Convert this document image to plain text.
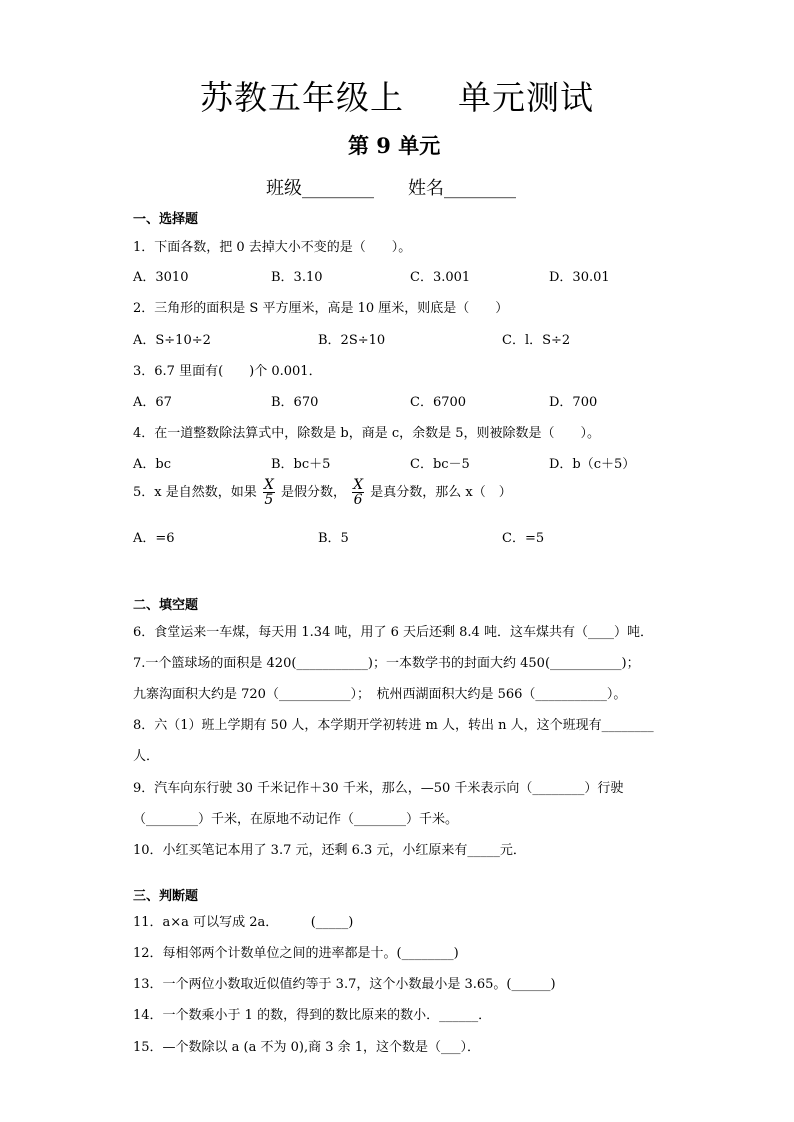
苏教五年级上 单元测试
第 9 单元
班级________ 姓名________
一、选择题
1．下面各数，把 0 去掉大小不变的是（　　）。
A．3010	B．3.10	C．3.001	D．30.01
2．三角形的面积是 S 平方厘米，高是 10 厘米，则底是（　　）
A．S÷10÷2	B．2S÷10	C．l．S÷2
3．6.7 里面有(　　)个 0.001．
A．67	B．670	C．6700	D．700
4．在一道整数除法算式中，除数是 b，商是 c，余数是 5，则被除数是（　　）。
A．bc	B．bc＋5	C．bc－5	D．b（c＋5）
5．x 是自然数，如果 $\frac{X}{5}$ 是假分数， $\frac{X}{6}$ 是真分数，那么 x（　）
A．=6	B．5	C．=5
二、填空题
6．食堂运来一车煤，每天用 1.34 吨，用了 6 天后还剩 8.4 吨．这车煤共有（____）吨．
7.一个篮球场的面积是 420(___________)；一本数学书的封面大约 450(___________)；
九寨沟面积大约是 720（___________）；　杭州西湖面积大约是 566（___________）。
8．六（1）班上学期有 50 人，本学期开学初转进 m 人，转出 n 人，这个班现有________
人．
9．汽车向东行驶 30 千米记作＋30 千米，那么，—50 千米表示向（________）行驶
（________）千米，在原地不动记作（________）千米。
10．小红买笔记本用了 3.7 元，还剩 6.3 元，小红原来有_____元．
三、判断题
11．a×a 可以写成 2a．　　　(_____)
12．每相邻两个计数单位之间的进率都是十。(________)
13．一个两位小数取近似值约等于 3.7，这个小数最小是 3.65。(______)
14．一个数乘小于 1 的数，得到的数比原来的数小．______．
15．—个数除以 a (a 不为 0),商 3 余 1，这个数是（___）．
